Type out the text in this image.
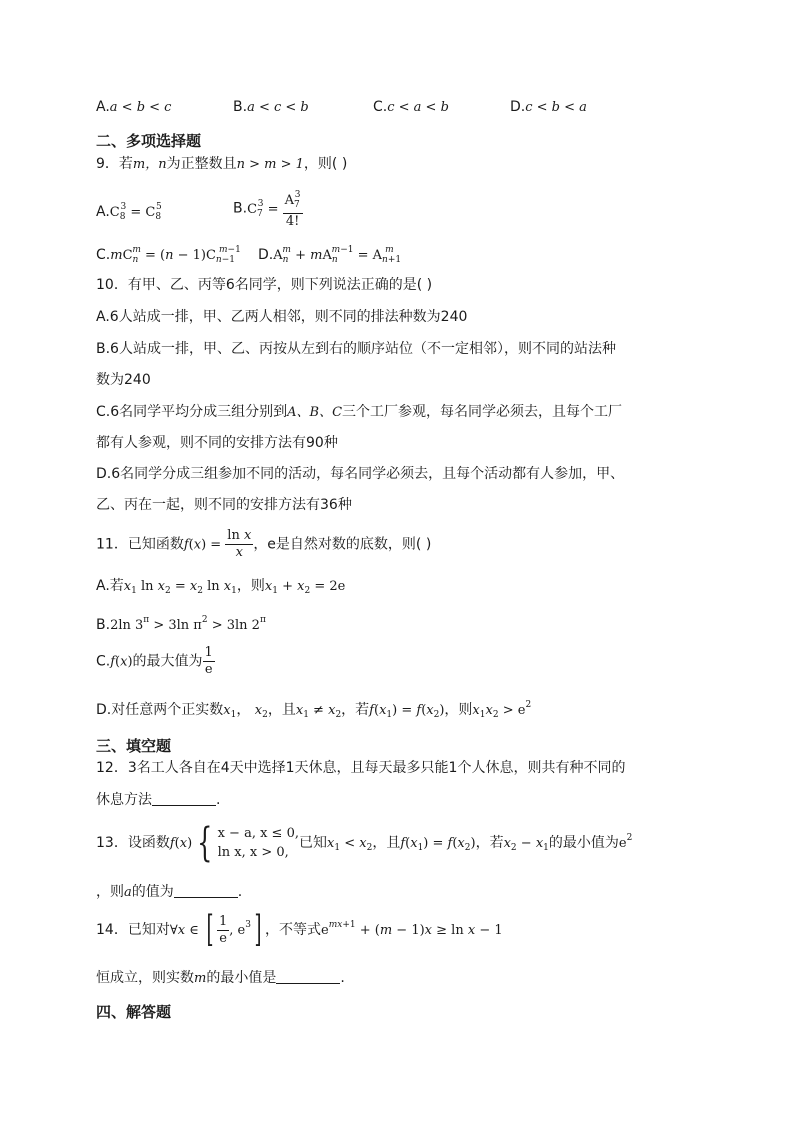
A.a < b < c	B.a < c < b	C.c < a < b	D.c < b < a
二、多项选择题
9．若m，n为正整数且n > m > 1，则( )
$A.C_8^3 = C_8^5$	$B.C_7^3 = \frac{A_7^3}{4!}$
$C.mC_n^m = (n - 1)C_{n-1}^{m-1}$ $D.A_n^m + mA_n^{m-1} = A_{n+1}^m$
10．有甲、乙、丙等6名同学，则下列说法正确的是( )
A.6人站成一排，甲、乙两人相邻，则不同的排法种数为240
B.6人站成一排，甲、乙、丙按从左到右的顺序站位（不一定相邻），则不同的站法种
数为240
C.6名同学平均分成三组分别到A、B、C三个工厂参观，每名同学必须去，且每个工厂
都有人参观，则不同的安排方法有90种
D.6名同学分成三组参加不同的活动，每名同学必须去，且每个活动都有人参加，甲、
乙、丙在一起，则不同的安排方法有36种
11．已知函数$f(x) = \frac{\text{ln x}}{x}$ ，e是自然对数的底数，则( )
A.若$x_1$ $\ln x_2 = x_2$ $\ln x_1$，则$x_1 + x_2 = 2e$
B.2ln $3^\pi > 3\ln$ $\pi^2 > 3\ln$ $2^\pi$
C.f(x)的最大值为 $\frac{1}{e}$
D.对任意两个正实数$x_1$， $x_2$，且$x_1 \ne x_2$，若$f(x_1) = f(x_2)$，则$x_1x_2 > e^2$
三、填空题
12．3名工人各自在4天中选择1天休息，且每天最多只能1个人休息，则共有种不同的
休息方法	.
13．设函数f(x) { x − a, x ≤ 0,
ln x, x > 0,
已知$x_1 < x_2$，且$f(x_1) = f(x_2)$，若$x_2 - x_1$的最小值为$e^2$
，则a的值为	.
14．已知对∀x ∈ [ $\frac{1}{e}$ , $e^3$] ，不等式$e^{mx+1} + (m - 1)x \ge \ln x - 1$
恒成立，则实数m的最小值是	.
四、解答题
